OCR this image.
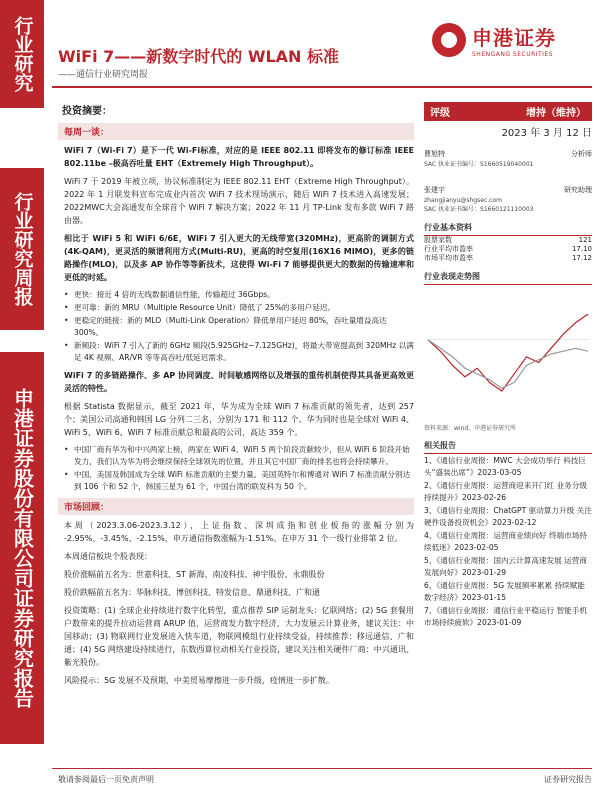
行业研究
行业研究周报
申港证券股份有限公司证券研究报告
WiFi 7——新数字时代的 WLAN 标准
——通信行业研究周报
申港证券
SHENGANG SECURITIES
投资摘要：
每周一谈：

WiFi 7（Wi-Fi 7）是下一代 Wi-Fi标准，对应的是 IEEE 802.11 即将发布的修订标准 IEEE 802.11be –极高吞吐量 EHT（Extremely High Throughput）。

WiFi 7 于 2019 年被立项，协议标准制定为 IEEE 802.11 EHT（Extreme High Throughput）。2022 年 1 月联发科宣布完成业内首次 WiFi 7 技术现场演示，随后 WiFi 7 技术进入高速发展；2022MWC大会高通发布全球首个 WiFi 7 解决方案；2022 年 11 月 TP-Link 发布多款 WiFi 7 路由器。

相比于 WiFi 5 和 WiFi 6/6E，WiFi 7 引入更大的无线带宽(320MHz)，更高阶的调制方式(4K-QAM)，更灵活的频谱利用方式(Multi-RU)，更高的时空复用(16X16 MIMO)，更多的链路操作(MLO)，以及多 AP 协作等等新技术，这使得 Wi-Fi 7 能够提供更大的数据的传输速率和更低的时延。

• 更快：接近 4 倍的无线数据通信性能，传输超过 36Gbps。
• 更可靠：新的 MRU（Multiple Resource Unit）降低了 25%的多用户延迟。
• 更稳定的链接：新的 MLO（Multi-Link Operation）降低单用户延迟 80%，吞吐量增益高达 300%。
• 新频段：WiFi 7 引入了新的 6GHz 频段(5.925GHz~7.125GHz)，将最大带宽提高到 320MHz 以满足 4K 视频、AR/VR 等等高吞吐/低延迟需求。

WiFi 7 的多链路操作、多 AP 协同调度、时间敏感网络以及增强的重传机制使得其具备更高效更灵活的特性。

根据 Statista 数据显示，截至 2021 年，华为成为全球 WiFi 7 标准贡献的领先者，达到 257 个；美国公司高通和韩国 LG 分列二三名，分别为 171 和 112 个。华为同时也是全球对 WiFi 4、WiFi 5、WiFi 6、WiFi 7 标准贡献总和最高的公司，高达 359 个。

• 中国厂商有华为和中兴两家上榜，两家在 WiFi 4、WiFi 5 两个阶段贡献较少，但从 WiFi 6 阶段开始发力，我们认为华为将会继续保持全球领先的位置，并且其它中国厂商的排名也将会持续攀升。
• 中国、美国及韩国成为全球 WiFi 标准贡献的主要力量。美国英特尔和博通对 WiFi 7 标准贡献分别达到 106 个和 52 个，韩国三星为 61 个，中国台湾的联发科为 50 个。
市场回顾：

本周（2023.3.06-2023.3.12），上证指数、深圳成指和创业板指的涨幅分别为 -2.95%、-3.45%、-2.15%，申万通信指数涨幅为-1.51%。在申万 31 个一级行业排第 2 位。

本周通信板块个股表现：

股价涨幅前五名为：世嘉科技、ST 新海、南凌科技、神宇股份、永鼎股份

股价跌幅前五名为：华脉科技、博创科技、特发信息、鼎通科技、广和通

投资策略：(1) 全球企业持续进行数字化转型，重点推荐 SIP 运制龙头：亿联网络；(2) 5G 套餐用户数带来的提升拉动运营商 ARUP 值，运营商发力数字经济，大力发展云计算业务，建议关注：中国移动；(3) 物联网行业发展进入快车道，物联网模组行业持续受益，持续推荐：移远通信、广和通；(4) 5G 网络建设持续进行，东数西算拉动相关行业投资，建议关注相关硬件厂商：中兴通讯、紫光股份。

风险提示：5G 发展不及预期，中美贸易摩擦进一步升级，疫情进一步扩散。

评级	增持（维持）
2023 年 3 月 12 日
曹旭特	分析师
SAC 执业证书编号：S1660519040001
张建宇	研究助理
zhangjianyu@shgsec.com
SAC 执业证书编号：S1660121110003
行业基本资料
股票家数	121
行业平均市盈率	17.10
市场平均市盈率	17.12
行业表现走势图
资料来源：wind，申港证券研究所
相关报告
1、《通信行业周报：MWC 大会成功举行 科技巨头“盛装出席”》2023-03-05
2、《通信行业周报：运营商迎来开门红 业务分级持续提升》2023-02-26
3、《通信行业周报：ChatGPT 驱动算力升级 关注硬件设备投资机会》2023-02-12
4、《通信行业周报：运营商业绩向好 终端市场持续低迷》2023-02-05
5、《通信行业周报：国内云计算高速发展 运营商发展向好》2023-01-29
6、《通信行业周报：5G 发展频率累累 持续赋能数字经济》2023-01-15
7、《通信行业周报：通信行业平稳运行 智能手机市场持续疲软》2023-01-09
敬请参阅最后一页免责声明	证券研究报告
